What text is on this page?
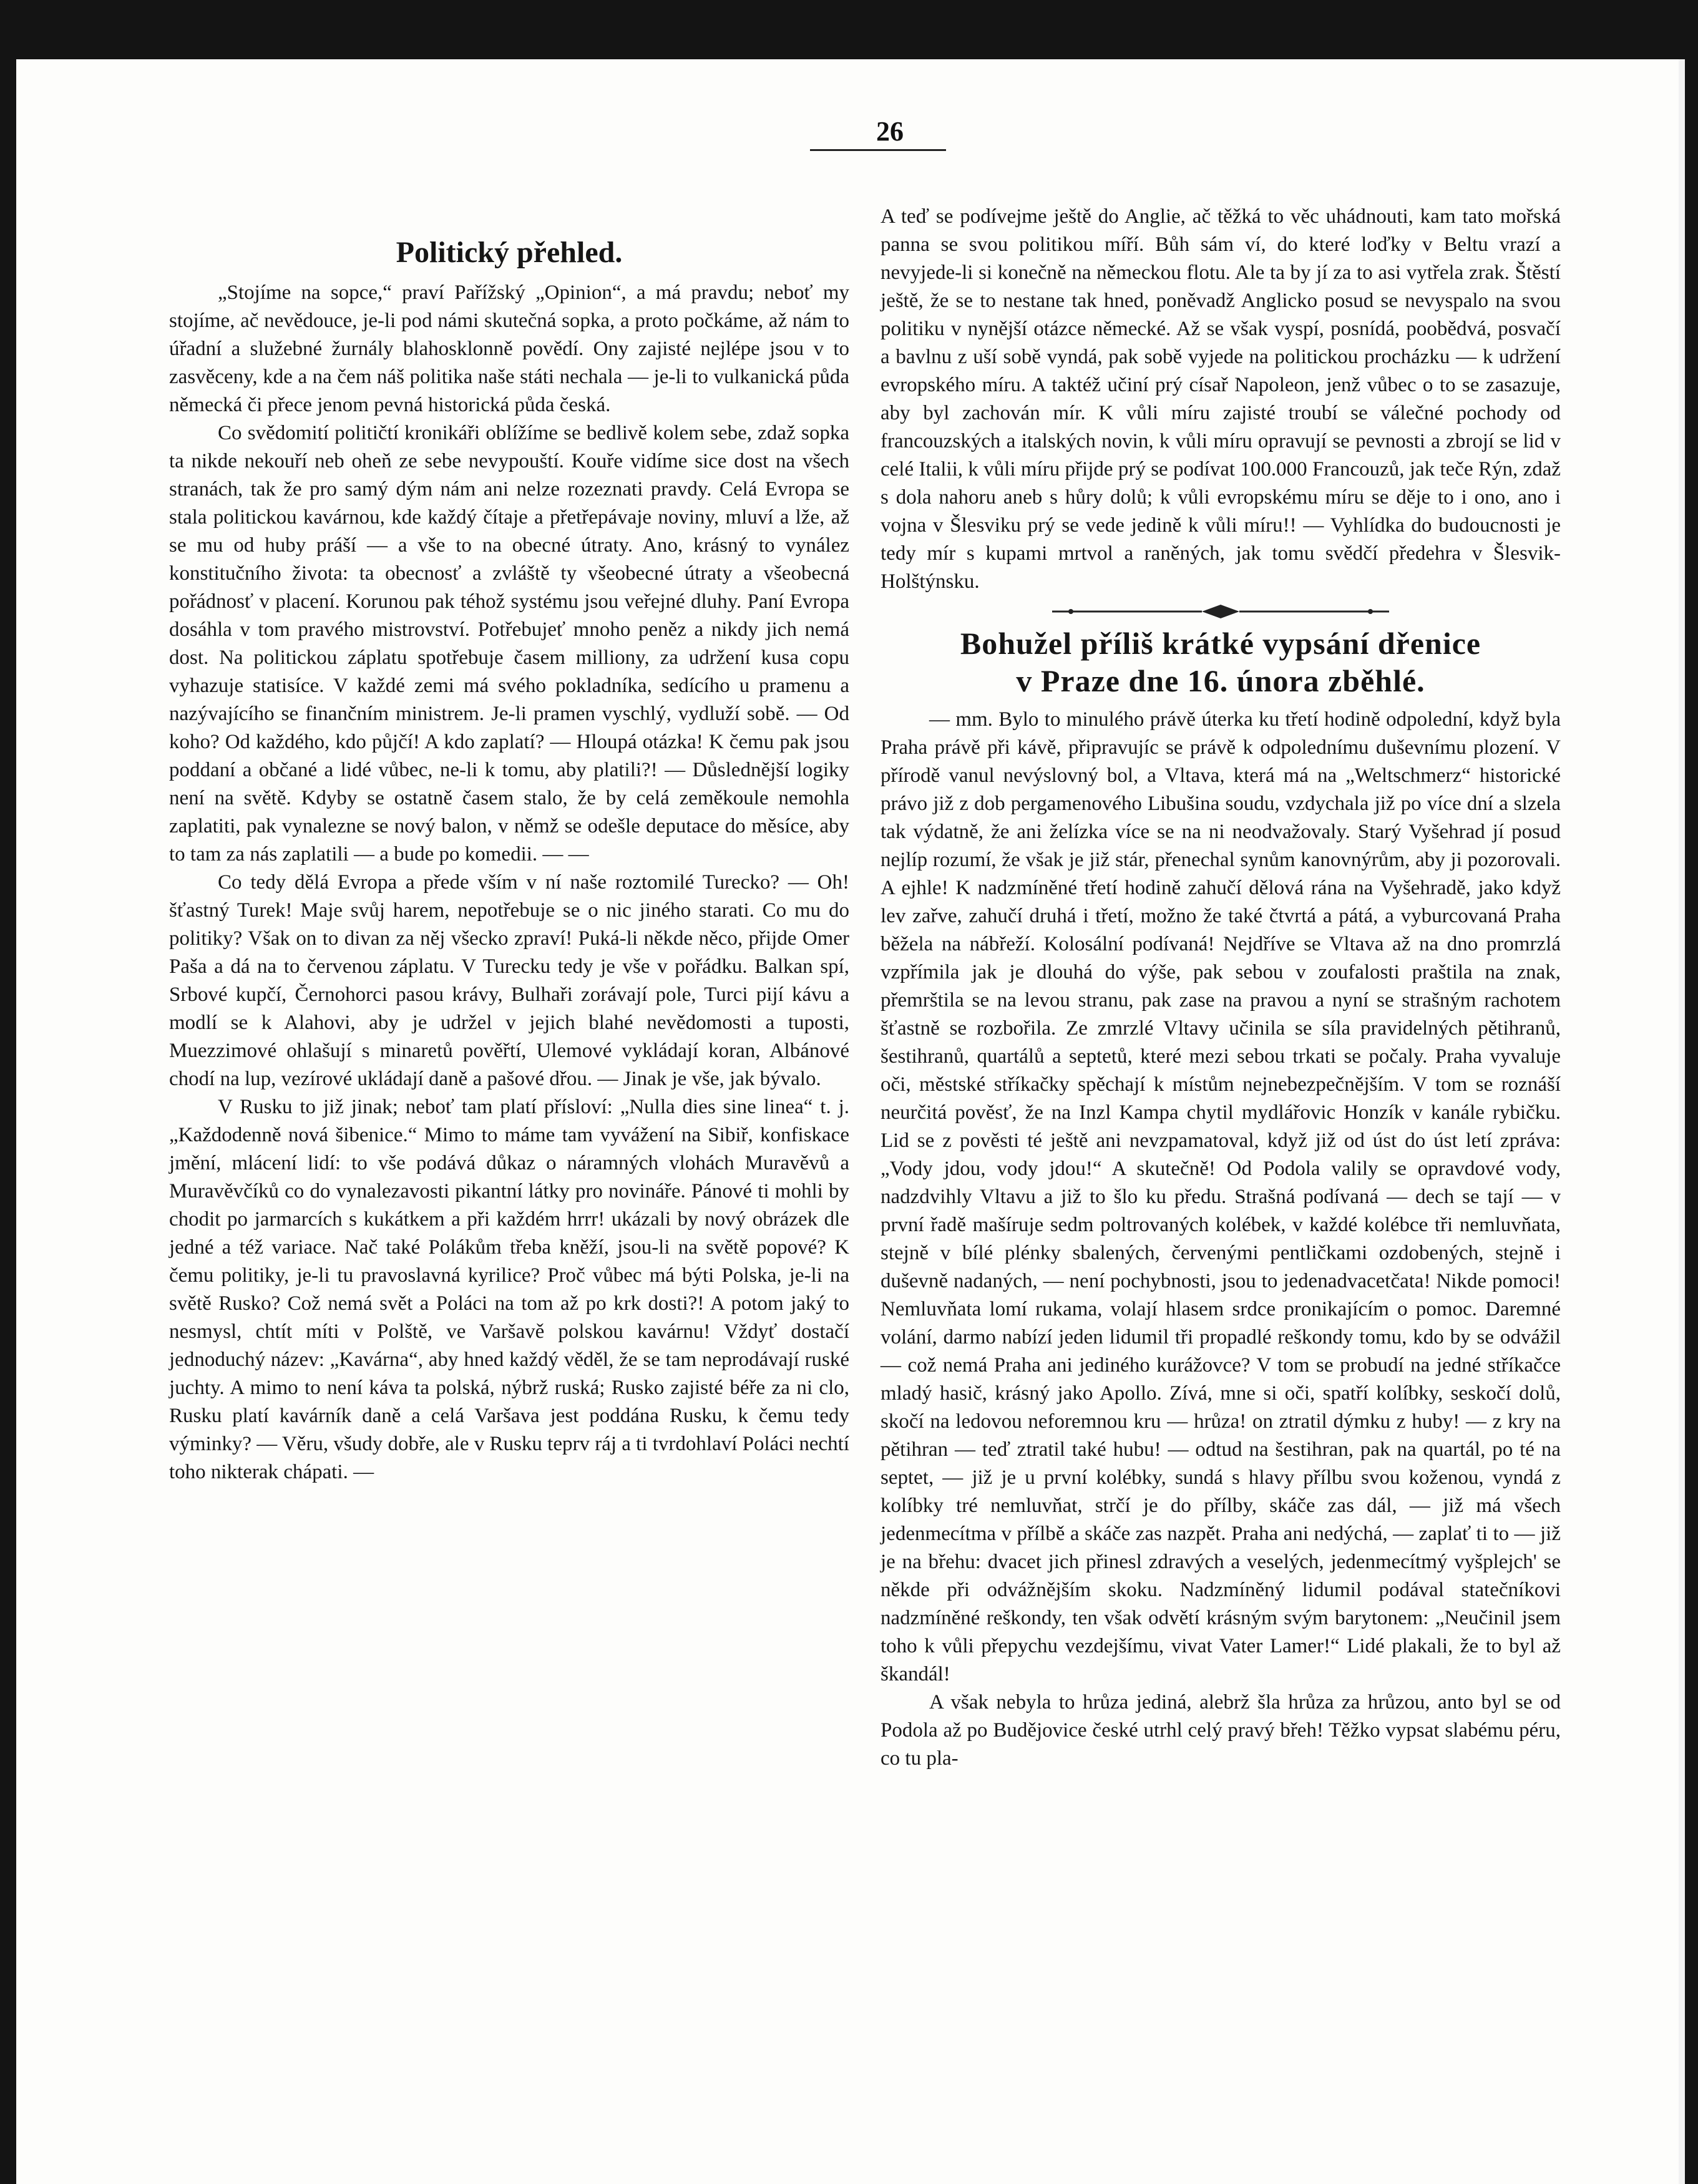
26
Politický přehled.

„Stojíme na sopce,“ praví Pařížský „Opinion“, a má pravdu; neboť my stojíme, ač nevědouce, je-li pod námi skutečná sopka, a proto počkáme, až nám to úřadní a služebné žurnály blahosklonně povědí. Ony zajisté nejlépe jsou v to zasvěceny, kde a na čem náš politika naše státi nechala — je-li to vulkanická půda německá či přece jenom pevná historická půda česká.

Co svědomití političtí kronikáři oblížíme se bedlivě kolem sebe, zdaž sopka ta nikde nekouří neb oheň ze sebe nevypouští. Kouře vidíme sice dost na všech stranách, tak že pro samý dým nám ani nelze rozeznati pravdy. Celá Evropa se stala politickou kavárnou, kde každý čítaje a přetřepávaje noviny, mluví a lže, až se mu od huby práší — a vše to na obecné útraty. Ano, krásný to vynález konstitučního života: ta obecnosť a zvláště ty všeobecné útraty a všeobecná pořádnosť v placení. Korunou pak téhož systému jsou veřejné dluhy. Paní Evropa dosáhla v tom pravého mistrovství. Potřebujeť mnoho peněz a nikdy jich nemá dost. Na politickou záplatu spotřebuje časem milliony, za udržení kusa copu vyhazuje statisíce. V každé zemi má svého pokladníka, sedícího u pramenu a nazývajícího se finančním ministrem. Je-li pramen vyschlý, vydluží sobě. — Od koho? Od každého, kdo půjčí! A kdo zaplatí? — Hloupá otázka! K čemu pak jsou poddaní a občané a lidé vůbec, ne-li k tomu, aby platili?! — Důslednější logiky není na světě. Kdyby se ostatně časem stalo, že by celá zeměkoule nemohla zaplatiti, pak vynalezne se nový balon, v němž se odešle deputace do měsíce, aby to tam za nás zaplatili — a bude po komedii. — —

Co tedy dělá Evropa a přede vším v ní naše roztomilé Turecko? — Oh! šťastný Turek! Maje svůj harem, nepotřebuje se o nic jiného starati. Co mu do politiky? Však on to divan za něj všecko zpraví! Puká-li někde něco, přijde Omer Paša a dá na to červenou záplatu. V Turecku tedy je vše v pořádku. Balkan spí, Srbové kupčí, Černohorci pasou krávy, Bulhaři zorávají pole, Turci pijí kávu a modlí se k Alahovi, aby je udržel v jejich blahé nevědomosti a tuposti, Muezzimové ohlašují s minaretů pověřtí, Ulemové vykládají koran, Albánové chodí na lup, vezírové ukládají daně a pašové dřou. — Jinak je vše, jak bývalo.

V Rusku to již jinak; neboť tam platí přísloví: „Nulla dies sine linea“ t. j. „Každodenně nová šibenice.“ Mimo to máme tam vyvážení na Sibiř, konfiskace jmění, mlácení lidí: to vše podává důkaz o náramných vlohách Muravěvů a Muravěvčíků co do vynalezavosti pikantní látky pro novináře. Pánové ti mohli by chodit po jarmarcích s kukátkem a při každém hrrr! ukázali by nový obrázek dle jedné a též variace. Nač také Polákům třeba kněží, jsou-li na světě popové? K čemu politiky, je-li tu pravoslavná kyrilice? Proč vůbec má býti Polska, je-li na světě Rusko? Což nemá svět a Poláci na tom až po krk dosti?! A potom jaký to nesmysl, chtít míti v Polště, ve Varšavě polskou kavárnu! Vždyť dostačí jednoduchý název: „Kavárna“, aby hned každý věděl, že se tam neprodávají ruské juchty. A mimo to není káva ta polská, nýbrž ruská; Rusko zajisté béře za ni clo, Rusku platí kavárník daně a celá Varšava jest poddána Rusku, k čemu tedy výminky? — Věru, všudy dobře, ale v Rusku teprv ráj a ti tvrdohlaví Poláci nechtí toho nikterak chápati. —

A teď se podívejme ještě do Anglie, ač těžká to věc uhádnouti, kam tato mořská panna se svou politikou míří. Bůh sám ví, do které loďky v Beltu vrazí a nevyjede-li si konečně na německou flotu. Ale ta by jí za to asi vytřela zrak. Štěstí ještě, že se to nestane tak hned, poněvadž Anglicko posud se nevyspalo na svou politiku v nynější otázce německé. Až se však vyspí, posnídá, poobědvá, posvačí a bavlnu z uší sobě vyndá, pak sobě vyjede na politickou procházku — k udržení evropského míru. A taktéž učiní prý císař Napoleon, jenž vůbec o to se zasazuje, aby byl zachován mír. K vůli míru zajisté troubí se válečné pochody od francouzských a italských novin, k vůli míru opravují se pevnosti a zbrojí se lid v celé Italii, k vůli míru přijde prý se podívat 100.000 Francouzů, jak teče Rýn, zdaž s dola nahoru aneb s hůry dolů; k vůli evropskému míru se děje to i ono, ano i vojna v Šlesviku prý se vede jedině k vůli míru!! — Vyhlídka do budoucnosti je tedy mír s kupami mrtvol a raněných, jak tomu svědčí předehra v Šlesvik-Holštýnsku.

Bohužel příliš krátké vypsání dřenice
v Praze dne 16. února zběhlé.

— mm. Bylo to minulého právě úterka ku třetí hodině odpolední, když byla Praha právě při kávě, připravujíc se právě k odpolednímu duševnímu plození. V přírodě vanul nevýslovný bol, a Vltava, která má na „Weltschmerz“ historické právo již z dob pergamenového Libušina soudu, vzdychala již po více dní a slzela tak výdatně, že ani želízka více se na ni neodvažovaly. Starý Vyšehrad jí posud nejlíp rozumí, že však je již stár, přenechal synům kanovnýrům, aby ji pozorovali. A ejhle! K nadzmíněné třetí hodině zahučí dělová rána na Vyšehradě, jako když lev zařve, zahučí druhá i třetí, možno že také čtvrtá a pátá, a vyburcovaná Praha běžela na nábřeží. Kolosální podívaná! Nejdříve se Vltava až na dno promrzlá vzpřímila jak je dlouhá do výše, pak sebou v zoufalosti praštila na znak, přemrštila se na levou stranu, pak zase na pravou a nyní se strašným rachotem šťastně se rozbořila. Ze zmrzlé Vltavy učinila se síla pravidelných pětihranů, šestihranů, quartálů a septetů, které mezi sebou trkati se počaly. Praha vyvaluje oči, městské stříkačky spěchají k místům nejnebezpečnějším. V tom se roznáší neurčitá pověsť, že na Inzl Kampa chytil mydlářovic Honzík v kanále rybičku. Lid se z pověsti té ještě ani nevzpamatoval, když již od úst do úst letí zpráva: „Vody jdou, vody jdou!“ A skutečně! Od Podola valily se opravdové vody, nadzdvihly Vltavu a již to šlo ku předu. Strašná podívaná — dech se tají — v první řadě mašíruje sedm poltrovaných kolébek, v každé kolébce tři nemluvňata, stejně v bílé plénky sbalených, červenými pentličkami ozdobených, stejně i duševně nadaných, — není pochybnosti, jsou to jedenadvacetčata! Nikde pomoci! Nemluvňata lomí rukama, volají hlasem srdce pronikajícím o pomoc. Daremné volání, darmo nabízí jeden lidumil tři propadlé reškondy tomu, kdo by se odvážil — což nemá Praha ani jediného kurážovce? V tom se probudí na jedné stříkačce mladý hasič, krásný jako Apollo. Zívá, mne si oči, spatří kolíbky, seskočí dolů, skočí na ledovou neforemnou kru — hrůza! on ztratil dýmku z huby! — z kry na pětihran — teď ztratil také hubu! — odtud na šestihran, pak na quartál, po té na septet, — již je u první kolébky, sundá s hlavy přílbu svou koženou, vyndá z kolíbky tré nemluvňat, strčí je do přílby, skáče zas dál, — již má všech jedenmecítma v přílbě a skáče zas nazpět. Praha ani nedýchá, — zaplať ti to — již je na břehu: dvacet jich přinesl zdravých a veselých, jedenmecítmý vyšplejch' se někde při odvážnějším skoku. Nadzmíněný lidumil podával statečníkovi nadzmíněné reškondy, ten však odvětí krásným svým barytonem: „Neučinil jsem toho k vůli přepychu vezdejšímu, vivat Vater Lamer!“ Lidé plakali, že to byl až škandál!

A však nebyla to hrůza jediná, alebrž šla hrůza za hrůzou, anto byl se od Podola až po Budějovice české utrhl celý pravý břeh! Těžko vypsat slabému péru, co tu pla-
